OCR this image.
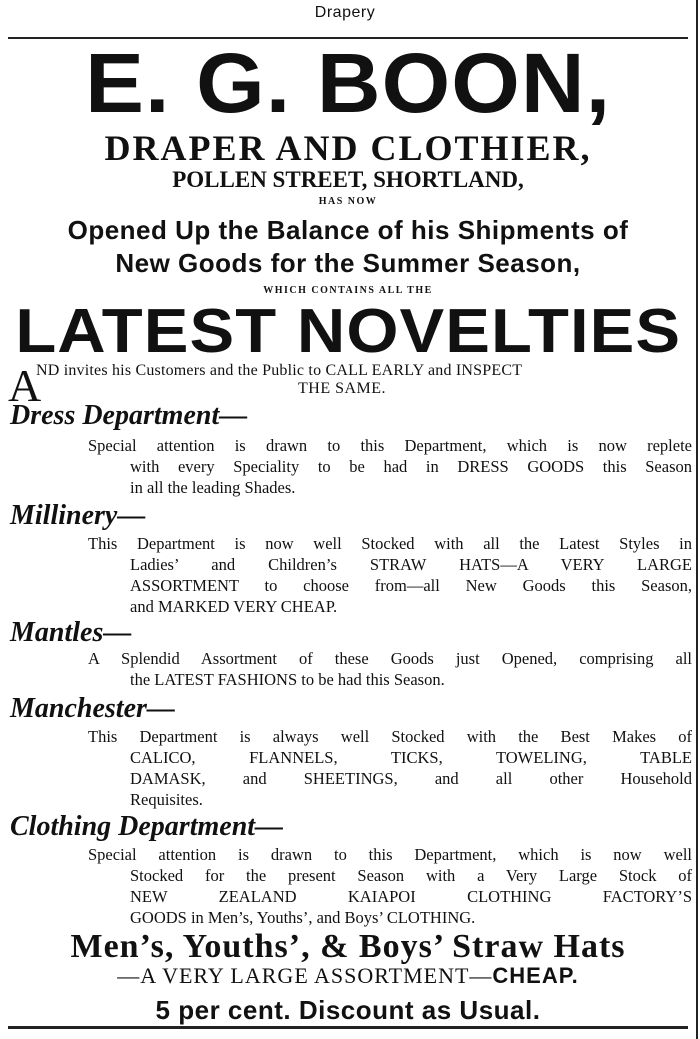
Drapery
E. G. BOON,
DRAPER AND CLOTHIER,
POLLEN STREET, SHORTLAND,
HAS NOW
Opened Up the Balance of his Shipments of
New Goods for the Summer Season,
WHICH CONTAINS ALL THE
LATEST NOVELTIES
A
ND invites his Customers and the Public to CALL EARLY and INSPECT
THE SAME.
Dress Department—
Special attention is drawn to this Department, which is now replete
with every Speciality to be had in DRESS GOODS this Season
in all the leading Shades.
Millinery—
This Department is now well Stocked with all the Latest Styles in
Ladies’ and Children’s STRAW HATS—A VERY LARGE
ASSORTMENT to choose from—all New Goods this Season,
and MARKED VERY CHEAP.
Mantles—
A Splendid Assortment of these Goods just Opened, comprising all
the LATEST FASHIONS to be had this Season.
Manchester—
This Department is always well Stocked with the Best Makes of
CALICO, FLANNELS, TICKS, TOWELING, TABLE
DAMASK, and SHEETINGS, and all other Household
Requisites.
Clothing Department—
Special attention is drawn to this Department, which is now well
Stocked for the present Season with a Very Large Stock of
NEW ZEALAND KAIAPOI CLOTHING FACTORY’S
GOODS in Men’s, Youths’, and Boys’ CLOTHING.
Men’s, Youths’, & Boys’ Straw Hats
—A VERY LARGE ASSORTMENT—CHEAP.
5 per cent. Discount as Usual.
